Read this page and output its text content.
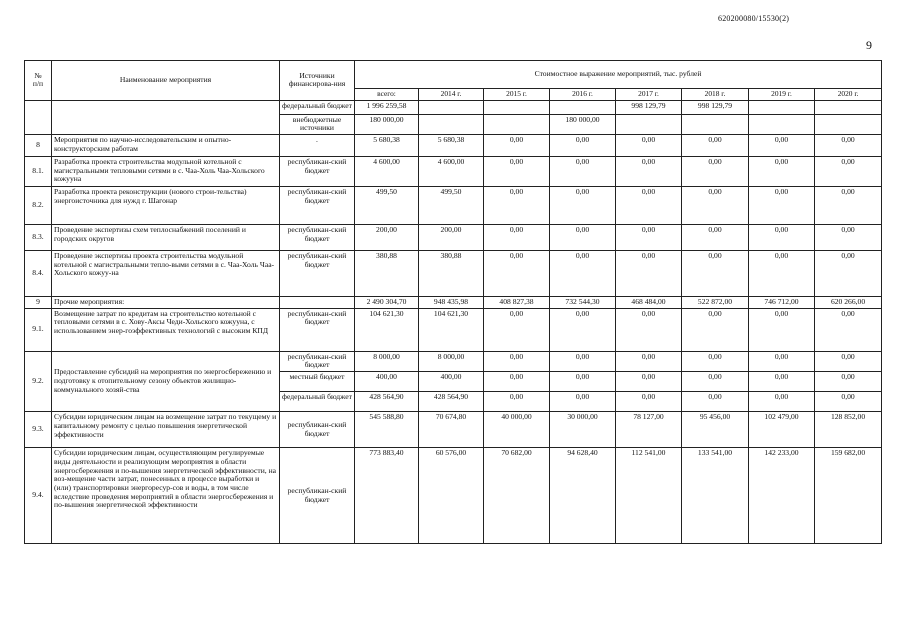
620200080/15530(2)
9
№
п/п	Наименование мероприятия	Источники финансирова-ния	Стоимостное выражение мероприятий, тыс. рублей							
			всего:	2014 г.	2015 г.	2016 г.	2017 г.	2018 г.	2019 г.	2020 г.
		федеральный бюджет	1 996 259,58				998 129,79	998 129,79		
		внебюджетные источники	180 000,00			180 000,00				
8	Мероприятия по научно-исследовательским и опытно-конструкторским работам	.	5 680,38	5 680,38	0,00	0,00	0,00	0,00	0,00	0,00
8.1.	Разработка проекта строительства модульной котельной с магистральными тепловыми сетями в с. Чаа-Холь Чаа-Хольского кожууна	республикан-ский бюджет	4 600,00	4 600,00	0,00	0,00	0,00	0,00	0,00	0,00
8.2.	Разработка проекта реконструкции (нового строи-тельства) энергоисточника для нужд г. Шагонар	республикан-ский бюджет	499,50	499,50	0,00	0,00	0,00	0,00	0,00	0,00
8.3.	Проведение экспертизы схем теплоснабжений поселений и городских округов	республикан-ский бюджет	200,00	200,00	0,00	0,00	0,00	0,00	0,00	0,00
8.4.	Проведение экспертизы проекта строительства модульной котельной с магистральными тепло-выми сетями в с. Чаа-Холь Чаа-Хольского кожуу-на	республикан-ский бюджет	380,88	380,88	0,00	0,00	0,00	0,00	0,00	0,00
9	Прочие мероприятия:		2 490 304,70	948 435,98	408 827,38	732 544,30	468 484,00	522 872,00	746 712,00	620 266,00
9.1.	Возмещение затрат по кредитам на строительство котельной с тепловыми сетями в с. Хову-Аксы Чеди-Хольского кожууна, с использованием энер-гоэффективных технологий с высоким КПД	республикан-ский бюджет	104 621,30	104 621,30	0,00	0,00	0,00	0,00	0,00	0,00
9.2.	Предоставление субсидий на мероприятия по энергосбережению и подготовку к отопительному сезону объектов жилищно-коммунального хозяй-ства	республикан-ский бюджет	8 000,00	8 000,00	0,00	0,00	0,00	0,00	0,00	0,00
		местный бюджет	400,00	400,00	0,00	0,00	0,00	0,00	0,00	0,00
		федеральный бюджет	428 564,90	428 564,90	0,00	0,00	0,00	0,00	0,00	0,00
9.3.	Субсидии юридическим лицам на возмещение затрат по текущему и капитальному ремонту с целью повышения энергетической эффективности	республикан-ский бюджет	545 588,80	70 674,80	40 000,00	30 000,00	78 127,00	95 456,00	102 479,00	128 852,00
9.4.	Субсидии юридическим лицам, осуществляющим регулируемые виды деятельности и реализующим мероприятия в области энергосбережения и по-вышения энергетической эффективности, на воз-мещение части затрат, понесенных в процессе выработки и (или) транспортировки энергоресур-сов и воды, в том числе вследствие проведения мероприятий в области энергосбережения и по-вышения энергетической эффективности	республикан-ский бюджет	773 883,40	60 576,00	70 682,00	94 628,40	112 541,00	133 541,00	142 233,00	159 682,00
